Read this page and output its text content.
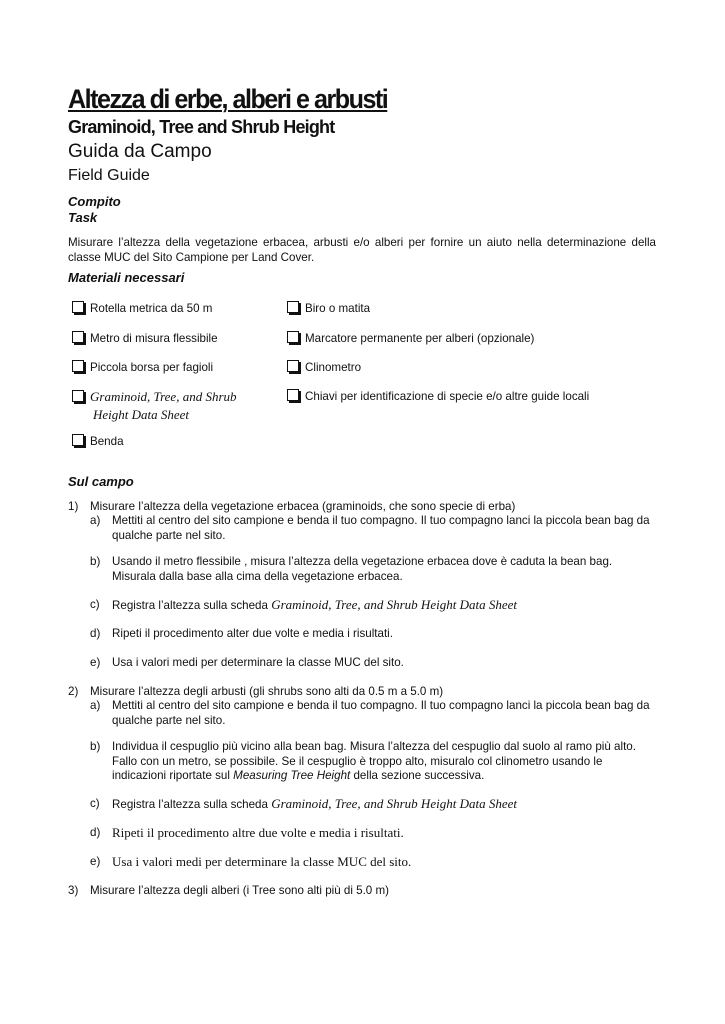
Altezza di erbe, alberi e arbusti
Graminoid, Tree and Shrub Height
Guida da Campo
Field Guide
Compito
Task

Misurare l’altezza della vegetazione erbacea, arbusti e/o alberi per fornire un aiuto nella determinazione della classe MUC del Sito Campione per Land Cover.

Materiali necessari
Rotella metrica da 50 m
Metro di misura flessibile
Piccola borsa per fagioli
Graminoid, Tree, and Shrub
Height Data Sheet
Benda
Biro o matita
Marcatore permanente per alberi (opzionale)
Clinometro
Chiavi per identificazione di specie e/o altre guide locali
Sul campo
1) Misurare l’altezza della vegetazione erbacea (graminoids, che sono specie di erba)
a) Mettiti al centro del sito campione e benda il tuo compagno. Il tuo compagno lanci la piccola bean bag da qualche parte nel sito.
b) Usando il metro flessibile , misura l’altezza della vegetazione erbacea dove è caduta la bean bag. Misurala dalla base alla cima della vegetazione erbacea.
c) Registra l’altezza sulla scheda Graminoid, Tree, and Shrub Height Data Sheet
d) Ripeti il procedimento alter due volte e media i risultati.
e) Usa i valori medi per determinare la classe MUC del sito.
2) Misurare l’altezza degli arbusti (gli shrubs sono alti da 0.5 m a 5.0 m)
a) Mettiti al centro del sito campione e benda il tuo compagno. Il tuo compagno lanci la piccola bean bag da qualche parte nel sito.
b) Individua il cespuglio più vicino alla bean bag. Misura l’altezza del cespuglio dal suolo al ramo più alto. Fallo con un metro, se possibile. Se il cespuglio è troppo alto, misuralo col clinometro usando le indicazioni riportate sul Measuring Tree Height della sezione successiva.
c) Registra l’altezza sulla scheda Graminoid, Tree, and Shrub Height Data Sheet
d) Ripeti il procedimento altre due volte e media i risultati.
e) Usa i valori medi per determinare la classe MUC del sito.
3) Misurare l’altezza degli alberi (i Tree sono alti più di 5.0 m)
